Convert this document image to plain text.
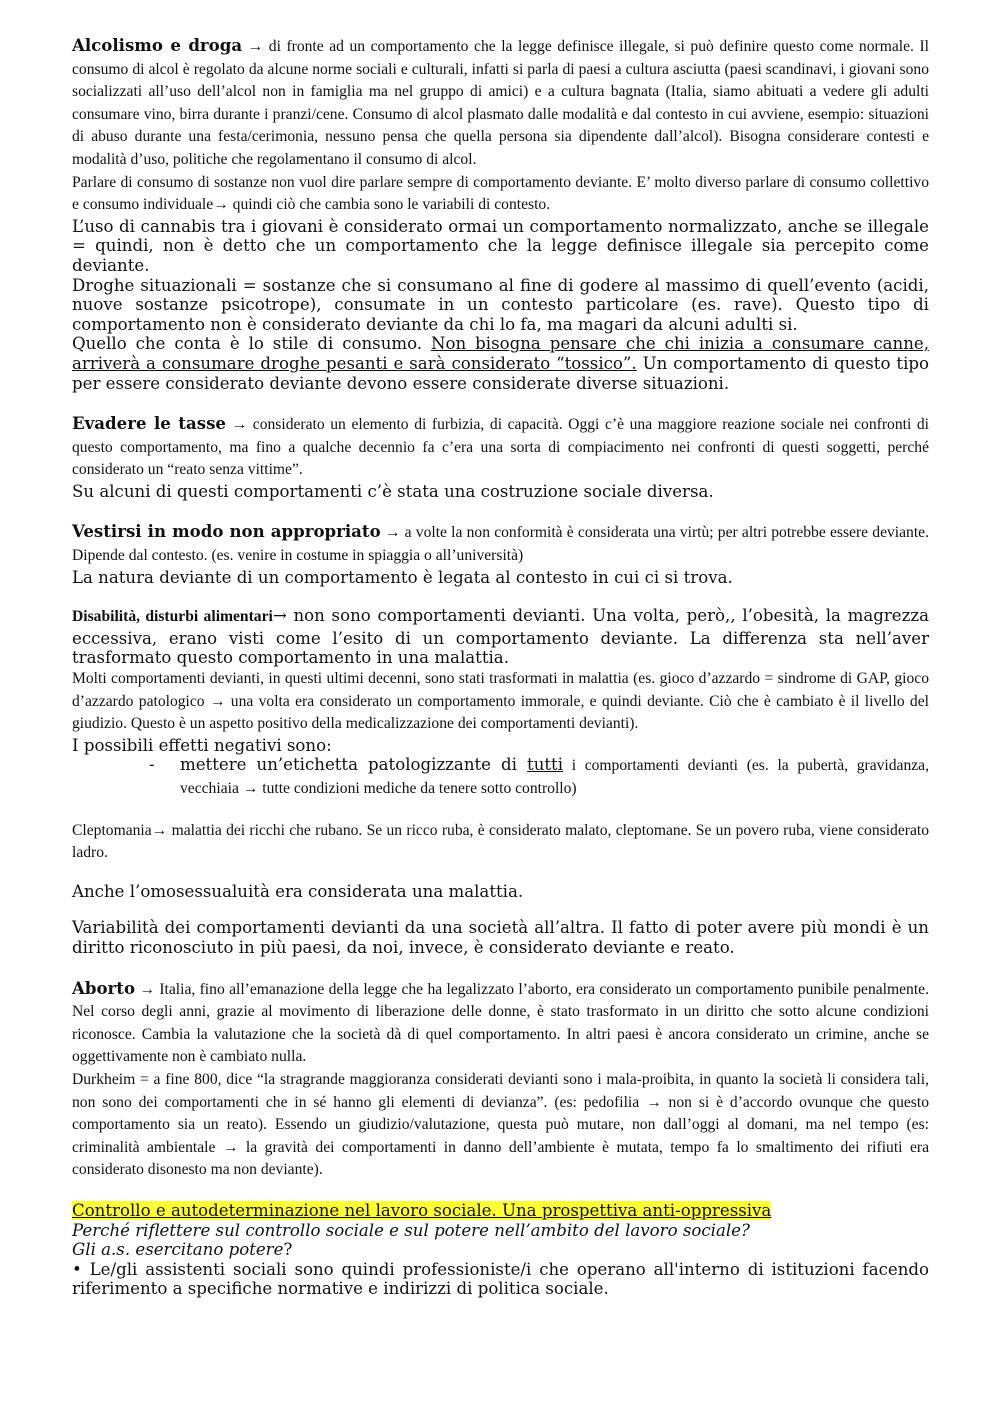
Alcolismo e droga → di fronte ad un comportamento che la legge definisce illegale, si può definire questo come normale. Il consumo di alcol è regolato da alcune norme sociali e culturali, infatti si parla di paesi a cultura asciutta (paesi scandinavi, i giovani sono socializzati all’uso dell’alcol non in famiglia ma nel gruppo di amici) e a cultura bagnata (Italia, siamo abituati a vedere gli adulti consumare vino, birra durante i pranzi/cene. Consumo di alcol plasmato dalle modalità e dal contesto in cui avviene, esempio: situazioni di abuso durante una festa/cerimonia, nessuno pensa che quella persona sia dipendente dall’alcol). Bisogna considerare contesti e modalità d’uso, politiche che regolamentano il consumo di alcol.

Parlare di consumo di sostanze non vuol dire parlare sempre di comportamento deviante. E’ molto diverso parlare di consumo collettivo e consumo individuale→ quindi ciò che cambia sono le variabili di contesto.

L’uso di cannabis tra i giovani è considerato ormai un comportamento normalizzato, anche se illegale = quindi, non è detto che un comportamento che la legge definisce illegale sia percepito come deviante.

Droghe situazionali = sostanze che si consumano al fine di godere al massimo di quell’evento (acidi, nuove sostanze psicotrope), consumate in un contesto particolare (es. rave). Questo tipo di comportamento non è considerato deviante da chi lo fa, ma magari da alcuni adulti si.

Quello che conta è lo stile di consumo. Non bisogna pensare che chi inizia a consumare canne, arriverà a consumare droghe pesanti e sarà considerato “tossico”. Un comportamento di questo tipo per essere considerato deviante devono essere considerate diverse situazioni.

Evadere le tasse → considerato un elemento di furbizia, di capacità. Oggi c’è una maggiore reazione sociale nei confronti di questo comportamento, ma fino a qualche decennio fa c’era una sorta di compiacimento nei confronti di questi soggetti, perché considerato un “reato senza vittime”.

Su alcuni di questi comportamenti c’è stata una costruzione sociale diversa.

Vestirsi in modo non appropriato → a volte la non conformità è considerata una virtù; per altri potrebbe essere deviante. Dipende dal contesto. (es. venire in costume in spiaggia o all’università)

La natura deviante di un comportamento è legata al contesto in cui ci si trova.

Disabilità, disturbi alimentari→ non sono comportamenti devianti. Una volta, però,, l’obesità, la magrezza eccessiva, erano visti come l’esito di un comportamento deviante. La differenza sta nell’aver trasformato questo comportamento in una malattia.

Molti comportamenti devianti, in questi ultimi decenni, sono stati trasformati in malattia (es. gioco d’azzardo = sindrome di GAP, gioco d’azzardo patologico → una volta era considerato un comportamento immorale, e quindi deviante. Ciò che è cambiato è il livello del giudizio. Questo è un aspetto positivo della medicalizzazione dei comportamenti devianti).

I possibili effetti negativi sono:

-	mettere un’etichetta patologizzante di tutti i comportamenti devianti (es. la pubertà, gravidanza, vecchiaia → tutte condizioni mediche da tenere sotto controllo)

Cleptomania→ malattia dei ricchi che rubano. Se un ricco ruba, è considerato malato, cleptomane. Se un povero ruba, viene considerato ladro.

Anche l’omosessualuità era considerata una malattia.

Variabilità dei comportamenti devianti da una società all’altra. Il fatto di poter avere più mondi è un diritto riconosciuto in più paesi, da noi, invece, è considerato deviante e reato.

Aborto → Italia, fino all’emanazione della legge che ha legalizzato l’aborto, era considerato un comportamento punibile penalmente. Nel corso degli anni, grazie al movimento di liberazione delle donne, è stato trasformato in un diritto che sotto alcune condizioni riconosce. Cambia la valutazione che la società dà di quel comportamento. In altri paesi è ancora considerato un crimine, anche se oggettivamente non è cambiato nulla.

Durkheim = a fine 800, dice “la stragrande maggioranza considerati devianti sono i mala-proibita, in quanto la società li considera tali, non sono dei comportamenti che in sé hanno gli elementi di devianza”. (es: pedofilia → non si è d’accordo ovunque che questo comportamento sia un reato). Essendo un giudizio/valutazione, questa può mutare, non dall’oggi al domani, ma nel tempo (es: criminalità ambientale → la gravità dei comportamenti in danno dell’ambiente è mutata, tempo fa lo smaltimento dei rifiuti era considerato disonesto ma non deviante).

Controllo e autodeterminazione nel lavoro sociale. Una prospettiva anti-oppressiva

Perché riflettere sul controllo sociale e sul potere nell’ambito del lavoro sociale?

Gli a.s. esercitano potere?

• Le/gli assistenti sociali sono quindi professioniste/i che operano all'interno di istituzioni facendo riferimento a specifiche normative e indirizzi di politica sociale.
